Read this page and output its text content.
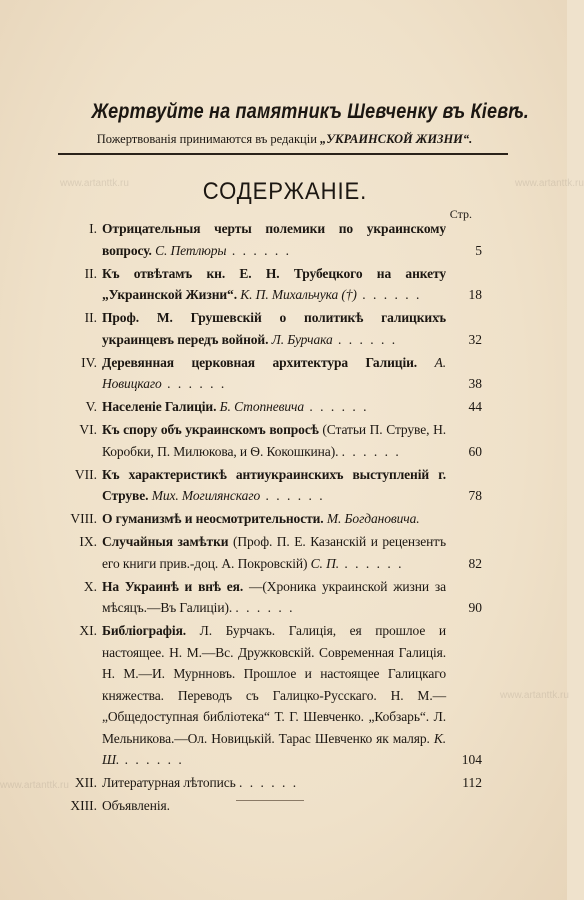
Жертвуйте на памятникъ Шевченку въ Кіевѣ.
Пожертвованія принимаются въ редакціи „УКРАИНСКОЙ ЖИЗНИ“.
СОДЕРЖАНІЕ.
Стр.
I. Отрицательныя черты полемики по украинскому вопросу. С. Петлюры . . . . . .	5
II. Къ отвѣтамъ кн. Е. Н. Трубецкого на анкету „Украинской Жизни“. К. П. Михальчука (†) . . . . . .	18
II. Проф. М. Грушевскій о политикѣ галицкихъ украинцевъ передъ войной. Л. Бурчака . . . . . .	32
IV. Деревянная церковная архитектура Галиціи. А. Новицкаго . . . . . .	38
V. Населеніе Галиціи. Б. Стопневича . . . . . .	44
VI. Къ спору объ украинскомъ вопросѣ (Статьи П. Струве, Н. Коробки, П. Милюкова, и Ѳ. Кокошкина). . . . . . .	60
VII. Къ характеристикѣ антиукраинскихъ выступленій г. Струве. Мих. Могилянскаго . . . . . .	78
VIII. О гуманизмѣ и неосмотрительности. М. Богдановича.
IX. Случайныя замѣтки (Проф. П. Е. Казанскій и рецензентъ его книги прив.-доц. А. Покровскій) С. П. . . . . . .	82
X. На Украинѣ и внѣ ея. —(Хроника украинской жизни за мѣсяцъ.—Въ Галиціи). . . . . . .	90
XI. Библіографія. Л. Бурчакъ. Галиція, ея прошлое и настоящее. Н. М.—Вс. Дружковскій. Современная Галиція. Н. М.—И. Мурнновъ. Прошлое и настоящее Галицкаго княжества. Переводъ съ Галицко-Русскаго. Н. М.—„Общедоступная библіотека“ Т. Г. Шевченко. „Кобзарь“. Л. Мельникова.—Ол. Новицькій. Тарас Шевченко як маляр. К. Ш. . . . . . .	104
XII. Литературная лѣтопись . . . . . .	112
XIII. Объявленія.
www.artanttk.ru	www.artanttk.ru
www.artanttk.ru
www.artanttk.ru
